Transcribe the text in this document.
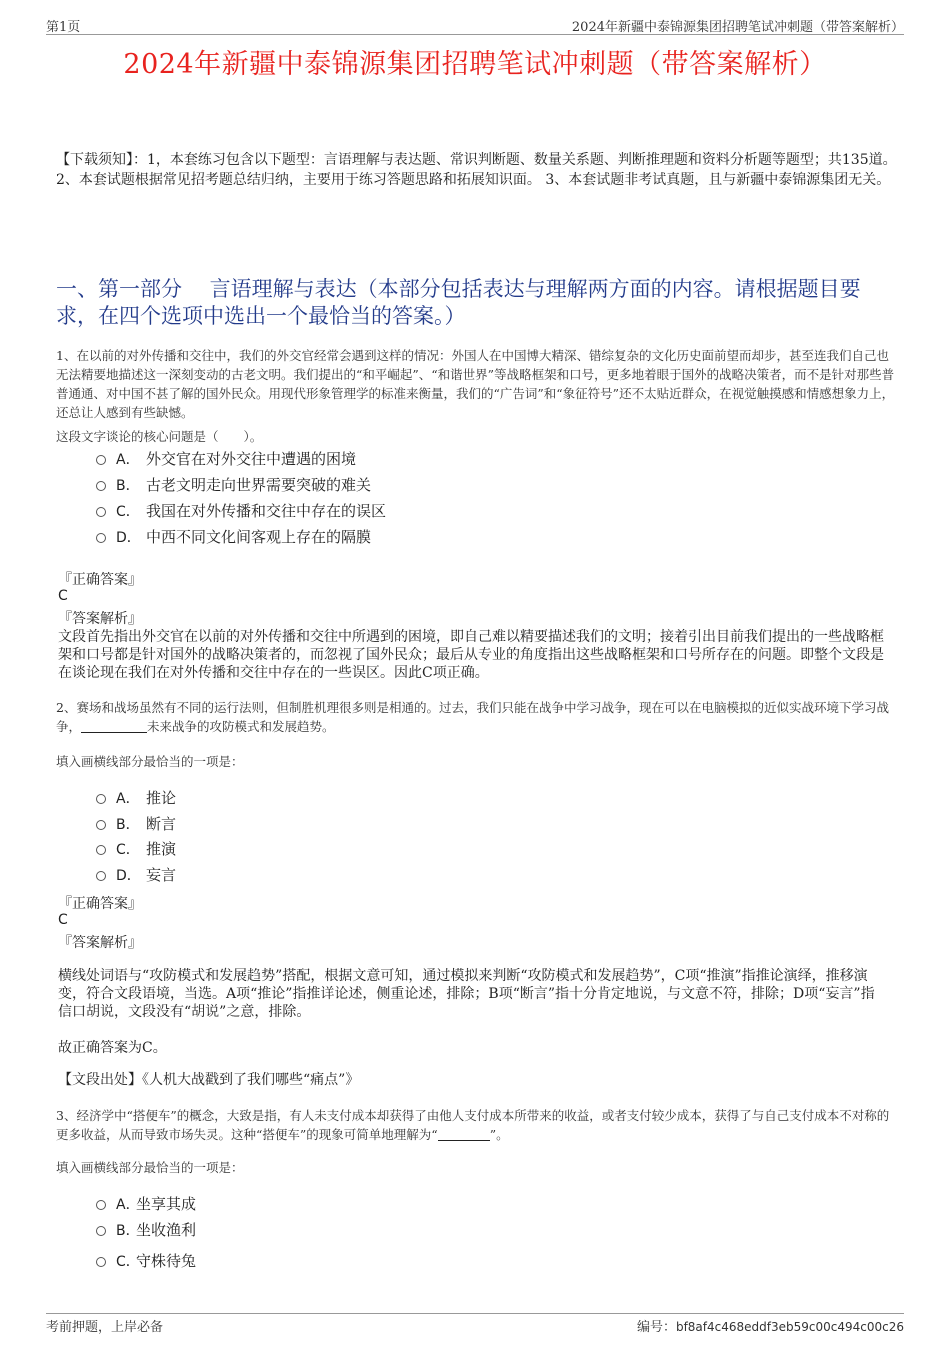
第1页	2024年新疆中泰锦源集团招聘笔试冲刺题（带答案解析）
2024年新疆中泰锦源集团招聘笔试冲刺题（带答案解析）
【下载须知】：1，本套练习包含以下题型：言语理解与表达题、常识判断题、数量关系题、判断推理题和资料分析题等题型；共135道。 2、本套试题根据常见招考题总结归纳，主要用于练习答题思路和拓展知识面。 3、本套试题非考试真题，且与新疆中泰锦源集团无关。
一、第一部分　 言语理解与表达（本部分包括表达与理解两方面的内容。请根据题目要求，在四个选项中选出一个最恰当的答案。）
1、在以前的对外传播和交往中，我们的外交官经常会遇到这样的情况：外国人在中国博大精深、错综复杂的文化历史面前望而却步，甚至连我们自己也无法精要地描述这一深刻变动的古老文明。我们提出的“和平崛起”、“和谐世界”等战略框架和口号，更多地着眼于国外的战略决策者，而不是针对那些普普通通、对中国不甚了解的国外民众。用现代形象管理学的标准来衡量，我们的“广告词”和“象征符号”还不太贴近群众，在视觉触摸感和情感想象力上，还总让人感到有些缺憾。
这段文字谈论的核心问题是（　　）。
A． 外交官在对外交往中遭遇的困境
B． 古老文明走向世界需要突破的难关
C． 我国在对外传播和交往中存在的误区
D． 中西不同文化间客观上存在的隔膜
『正确答案』
C
『答案解析』
文段首先指出外交官在以前的对外传播和交往中所遇到的困境，即自己难以精要描述我们的文明；接着引出目前我们提出的一些战略框架和口号都是针对国外的战略决策者的，而忽视了国外民众；最后从专业的角度指出这些战略框架和口号所存在的问题。即整个文段是在谈论现在我们在对外传播和交往中存在的一些误区。因此C项正确。
2、赛场和战场虽然有不同的运行法则，但制胜机理很多则是相通的。过去，我们只能在战争中学习战争，现在可以在电脑模拟的近似实战环境下学习战争，	未来战争的攻防模式和发展趋势。
填入画横线部分最恰当的一项是：
A． 推论
B． 断言
C． 推演
D． 妄言
『正确答案』
C
『答案解析』
横线处词语与“攻防模式和发展趋势”搭配，根据文意可知，通过模拟来判断“攻防模式和发展趋势”，C项“推演”指推论演绎，推移演变，符合文段语境，当选。A项“推论”指推详论述，侧重论述，排除；B项“断言”指十分肯定地说，与文意不符，排除；D项“妄言”指信口胡说，文段没有“胡说”之意，排除。
故正确答案为C。
【文段出处】《人机大战戳到了我们哪些“痛点”》
3、经济学中“搭便车”的概念，大致是指，有人未支付成本却获得了由他人支付成本所带来的收益，或者支付较少成本，获得了与自己支付成本不对称的更多收益，从而导致市场失灵。这种“搭便车”的现象可简单地理解为“	”。
填入画横线部分最恰当的一项是：
A．坐享其成
B．坐收渔利
C．守株待兔
考前押题，上岸必备	编号：bf8af4c468eddf3eb59c00c494c00c26
